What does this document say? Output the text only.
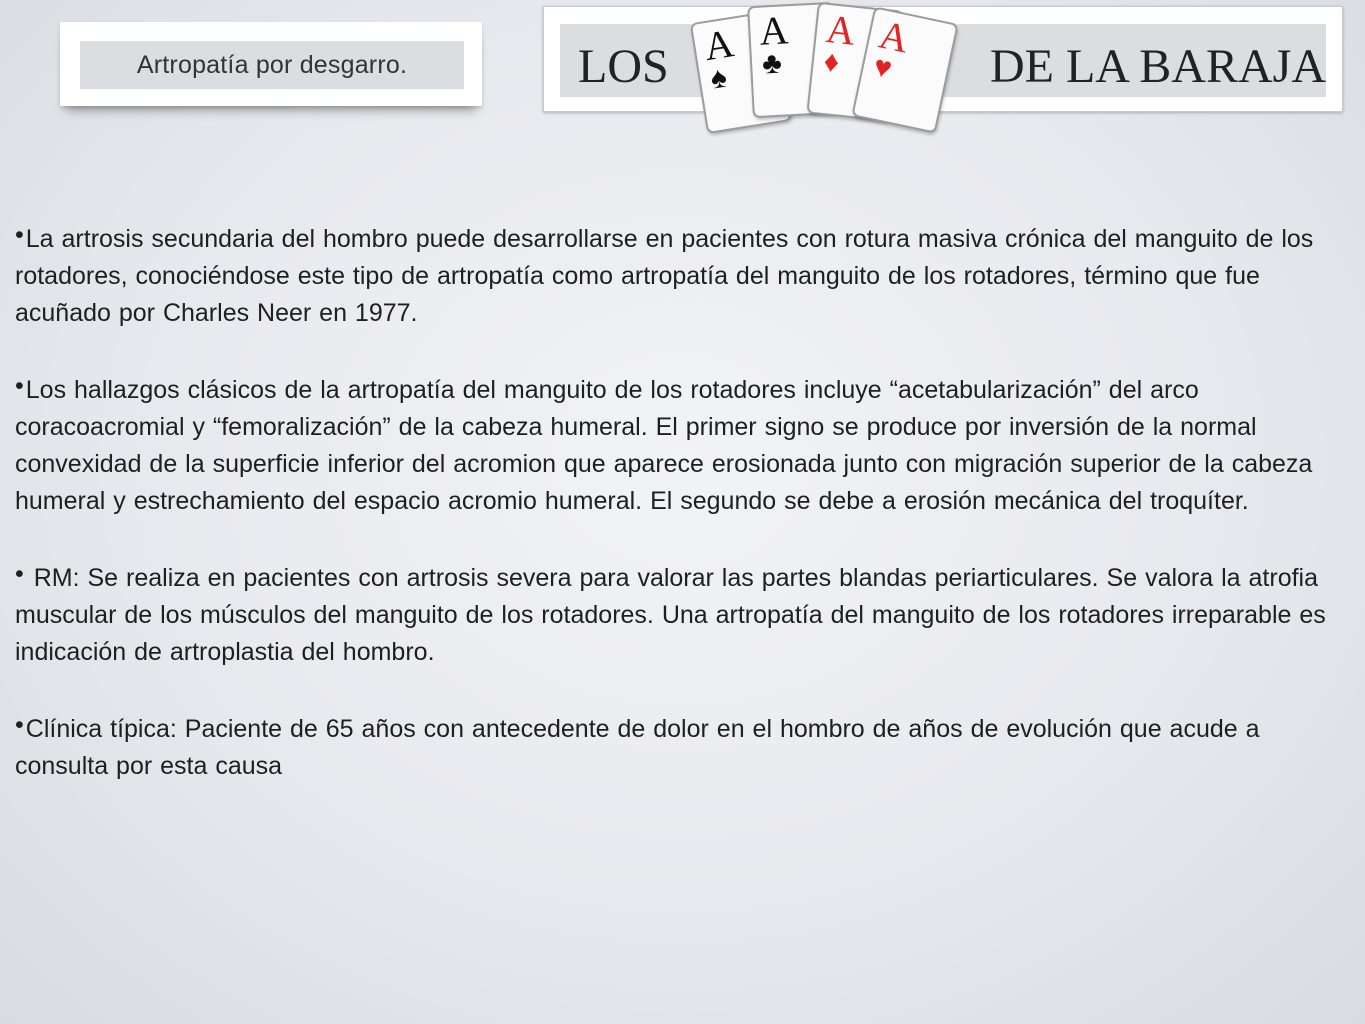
Artropatía por desgarro.	LOS	DE LA BARAJA
A
♠
A
♣
A
♦
A
♥

•La artrosis secundaria del hombro puede desarrollarse en pacientes con rotura masiva crónica del manguito de los rotadores, conociéndose este tipo de artropatía como artropatía del manguito de los rotadores, término que fue acuñado por Charles Neer en 1977.

•Los hallazgos clásicos de la artropatía del manguito de los rotadores incluye “acetabularización” del arco coracoacromial y “femoralización” de la cabeza humeral. El primer signo se produce por inversión de la normal convexidad de la superficie inferior del acromion que aparece erosionada junto con migración superior de la cabeza humeral y estrechamiento del espacio acromio humeral. El segundo se debe a erosión mecánica del troquíter.

• RM: Se realiza en pacientes con artrosis severa para valorar las partes blandas periarticulares. Se valora la atrofia muscular de los músculos del manguito de los rotadores. Una artropatía del manguito de los rotadores irreparable es indicación de artroplastia del hombro.

•Clínica típica: Paciente de 65 años con antecedente de dolor en el hombro de años de evolución que acude a consulta por esta causa
